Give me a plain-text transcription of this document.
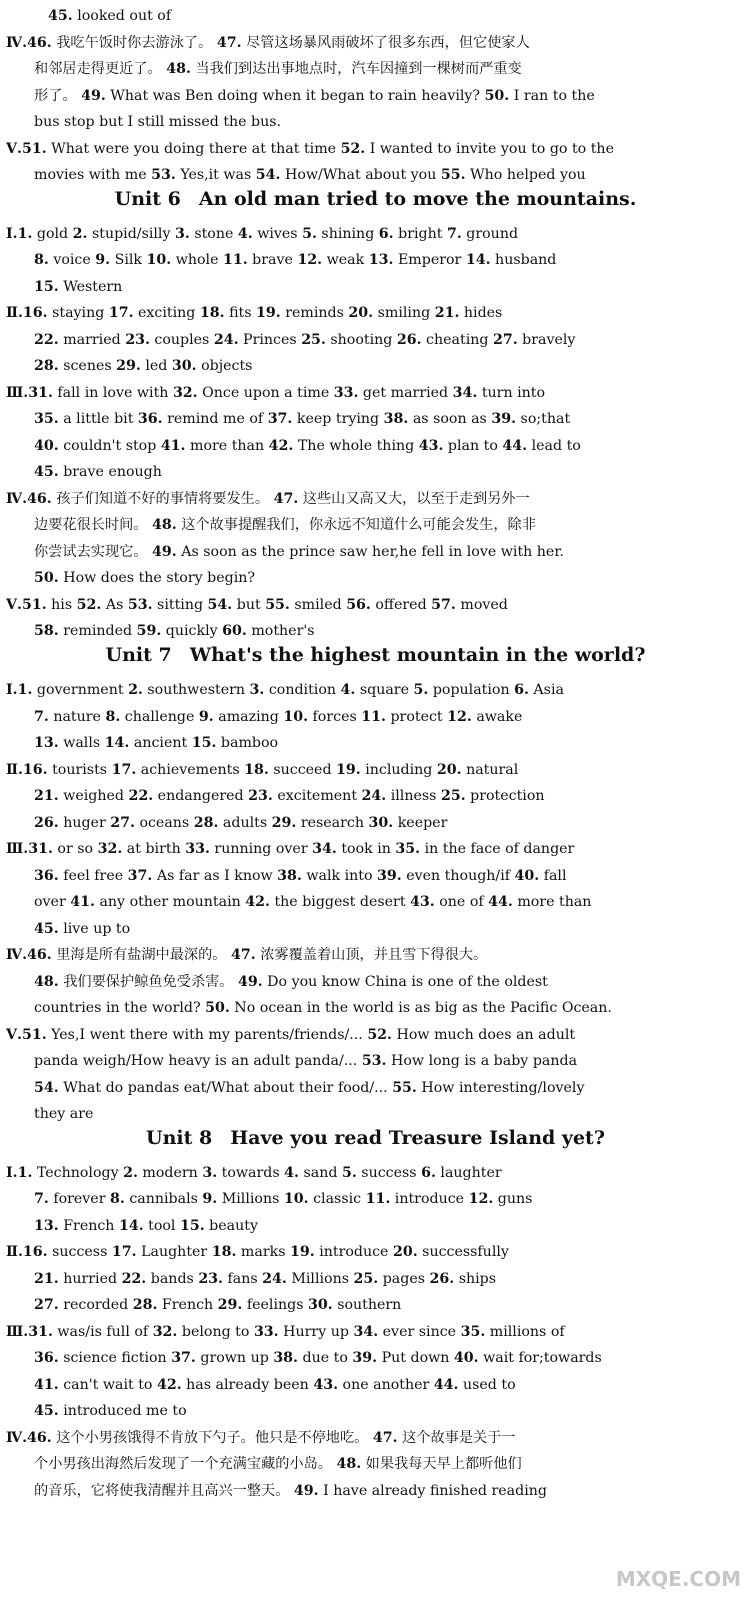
45. looked out of
Ⅳ.46. 我吃午饭时你去游泳了。 47. 尽管这场暴风雨破坏了很多东西，但它使家人
和邻居走得更近了。 48. 当我们到达出事地点时，汽车因撞到一棵树而严重变
形了。 49. What was Ben doing when it began to rain heavily? 50. I ran to the
bus stop but I still missed the bus.
Ⅴ.51. What were you doing there at that time 52. I wanted to invite you to go to the
movies with me 53. Yes,it was 54. How/What about you 55. Who helped you
Ⅰ.1. gold 2. stupid/silly 3. stone 4. wives 5. shining 6. bright 7. ground
8. voice 9. Silk 10. whole 11. brave 12. weak 13. Emperor 14. husband
15. Western
Ⅱ.16. staying 17. exciting 18. fits 19. reminds 20. smiling 21. hides
22. married 23. couples 24. Princes 25. shooting 26. cheating 27. bravely
28. scenes 29. led 30. objects
Ⅲ.31. fall in love with 32. Once upon a time 33. get married 34. turn into
35. a little bit 36. remind me of 37. keep trying 38. as soon as 39. so;that
40. couldn't stop 41. more than 42. The whole thing 43. plan to 44. lead to
45. brave enough
Ⅳ.46. 孩子们知道不好的事情将要发生。 47. 这些山又高又大，以至于走到另外一
边要花很长时间。 48. 这个故事提醒我们，你永远不知道什么可能会发生，除非
你尝试去实现它。 49. As soon as the prince saw her,he fell in love with her.
50. How does the story begin?
Ⅴ.51. his 52. As 53. sitting 54. but 55. smiled 56. offered 57. moved
58. reminded 59. quickly 60. mother's
Ⅰ.1. government 2. southwestern 3. condition 4. square 5. population 6. Asia
7. nature 8. challenge 9. amazing 10. forces 11. protect 12. awake
13. walls 14. ancient 15. bamboo
Ⅱ.16. tourists 17. achievements 18. succeed 19. including 20. natural
21. weighed 22. endangered 23. excitement 24. illness 25. protection
26. huger 27. oceans 28. adults 29. research 30. keeper
Ⅲ.31. or so 32. at birth 33. running over 34. took in 35. in the face of danger
36. feel free 37. As far as I know 38. walk into 39. even though/if 40. fall
over 41. any other mountain 42. the biggest desert 43. one of 44. more than
45. live up to
Ⅳ.46. 里海是所有盐湖中最深的。 47. 浓雾覆盖着山顶，并且雪下得很大。
48. 我们要保护鲸鱼免受杀害。 49. Do you know China is one of the oldest
countries in the world? 50. No ocean in the world is as big as the Pacific Ocean.
Ⅴ.51. Yes,I went there with my parents/friends/... 52. How much does an adult
panda weigh/How heavy is an adult panda/... 53. How long is a baby panda
54. What do pandas eat/What about their food/... 55. How interesting/lovely
they are
Ⅰ.1. Technology 2. modern 3. towards 4. sand 5. success 6. laughter
7. forever 8. cannibals 9. Millions 10. classic 11. introduce 12. guns
13. French 14. tool 15. beauty
Ⅱ.16. success 17. Laughter 18. marks 19. introduce 20. successfully
21. hurried 22. bands 23. fans 24. Millions 25. pages 26. ships
27. recorded 28. French 29. feelings 30. southern
Ⅲ.31. was/is full of 32. belong to 33. Hurry up 34. ever since 35. millions of
36. science fiction 37. grown up 38. due to 39. Put down 40. wait for;towards
41. can't wait to 42. has already been 43. one another 44. used to
45. introduced me to
Ⅳ.46. 这个小男孩饿得不肯放下勺子。他只是不停地吃。 47. 这个故事是关于一
个小男孩出海然后发现了一个充满宝藏的小岛。 48. 如果我每天早上都听他们
的音乐，它将使我清醒并且高兴一整天。 49. I have already finished reading
Unit 6 An old man tried to move the mountains.
Unit 7 What's the highest mountain in the world?
Unit 8 Have you read Treasure Island yet?
MXQE.COM
